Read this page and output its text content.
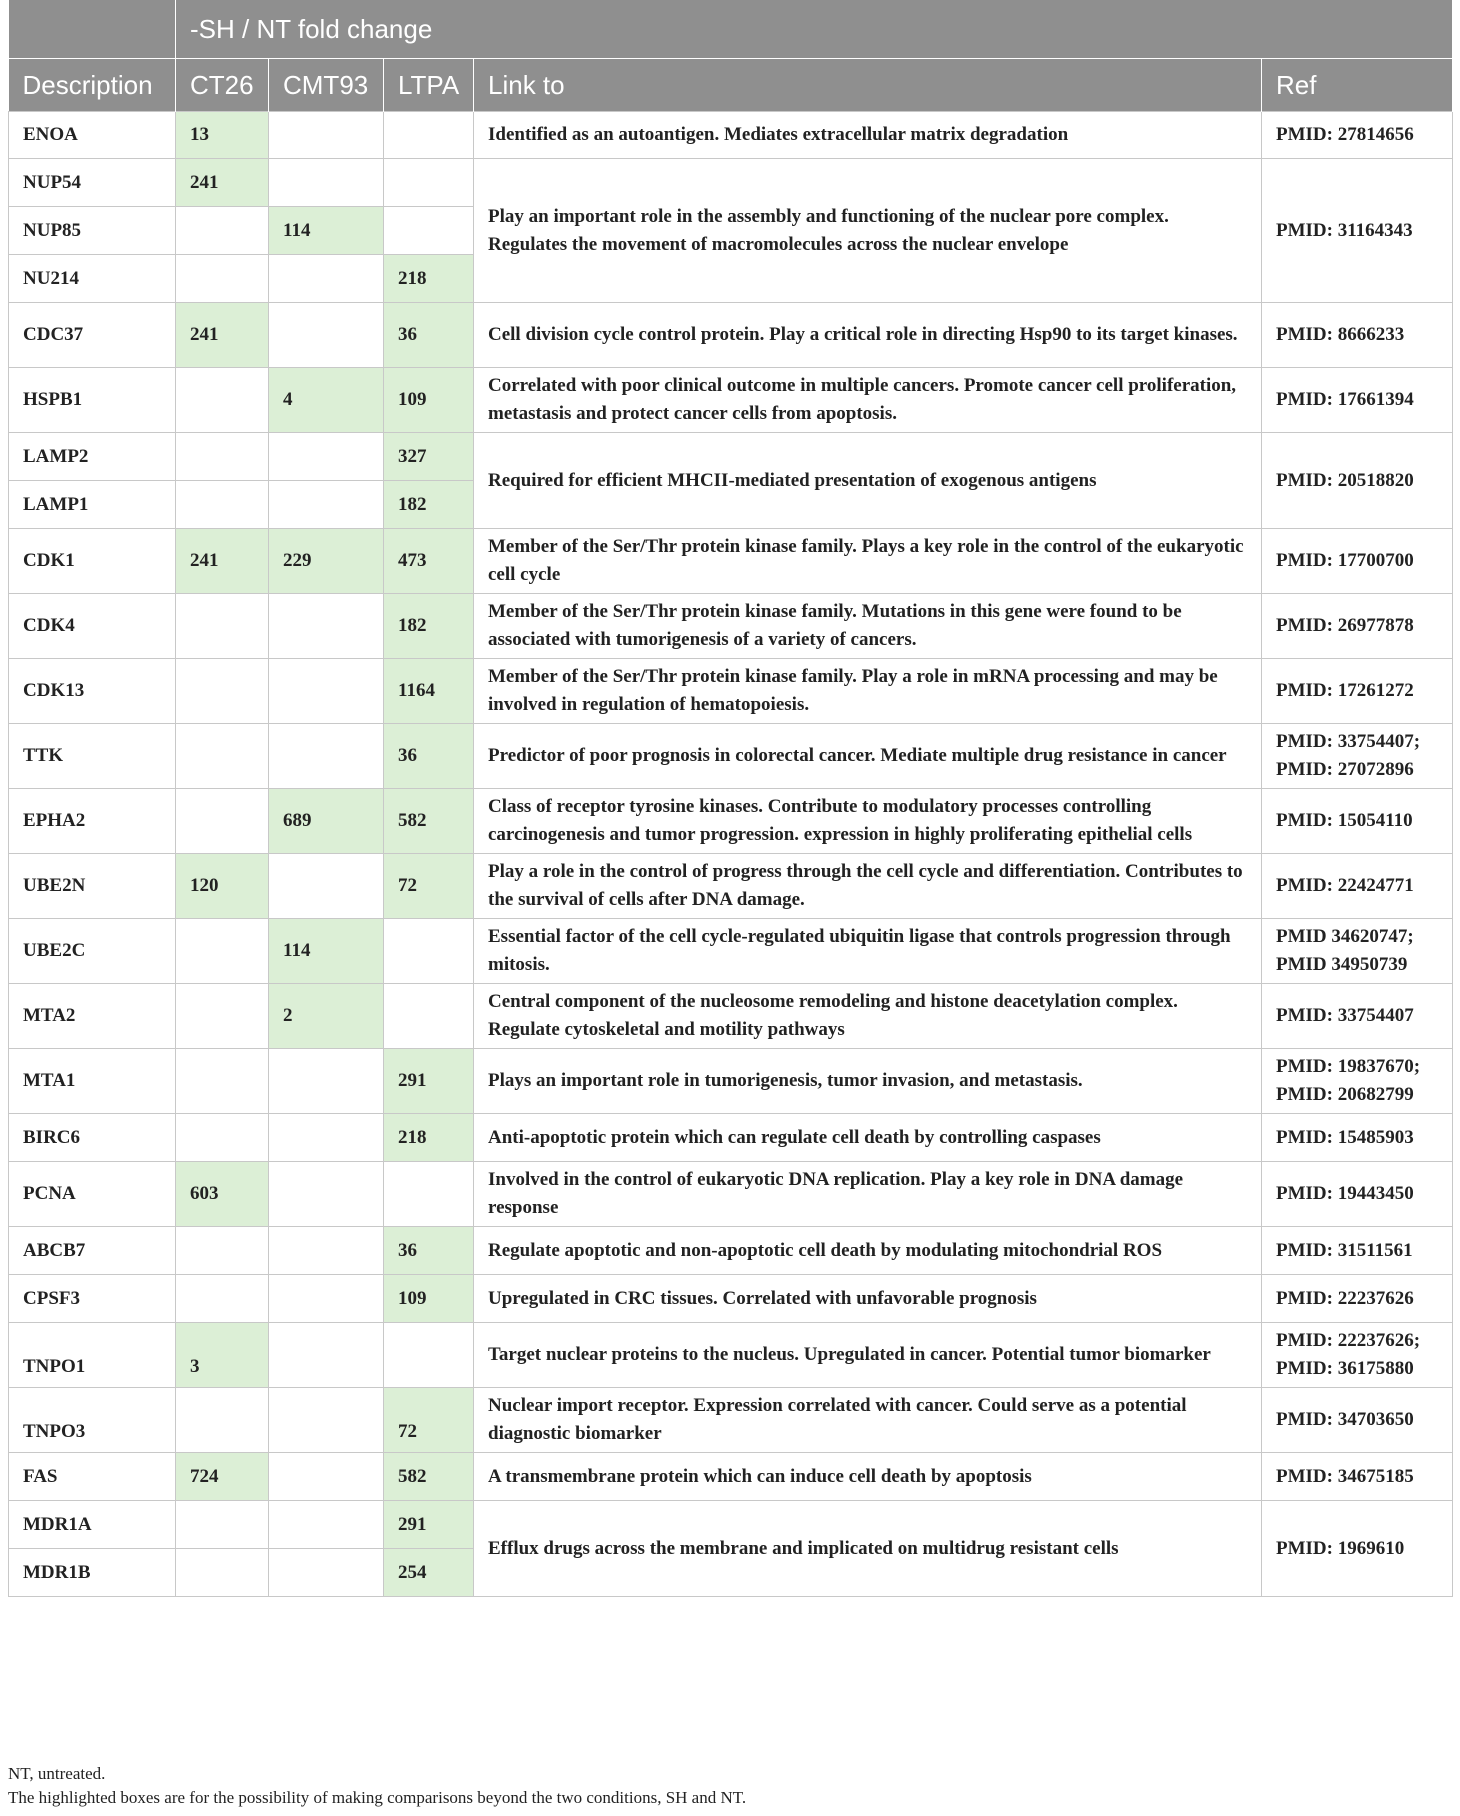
	-SH / NT fold change				
Description	CT26	CMT93	LTPA	Link to	Ref
ENOA	13			Identified as an autoantigen. Mediates extracellular matrix degradation	PMID: 27814656

NUP54	241			Play an important role in the assembly and functioning of the nuclear pore complex. Regulates the movement of macromolecules across the nuclear envelope	PMID: 31164343

NUP85		114			
NU214			218		
CDC37	241		36	Cell division cycle control protein. Play a critical role in directing Hsp90 to its target kinases.	PMID: 8666233

HSPB1		4	109	Correlated with poor clinical outcome in multiple cancers. Promote cancer cell proliferation, metastasis and protect cancer cells from apoptosis.	PMID: 17661394

LAMP2			327	Required for efficient MHCII-mediated presentation of exogenous antigens	PMID: 20518820

LAMP1			182		
CDK1	241	229	473	Member of the Ser/Thr protein kinase family. Plays a key role in the control of the eukaryotic cell cycle	PMID: 17700700

CDK4			182	Member of the Ser/Thr protein kinase family. Mutations in this gene were found to be associated with tumorigenesis of a variety of cancers.	PMID: 26977878

CDK13			1164	Member of the Ser/Thr protein kinase family. Play a role in mRNA processing and may be involved in regulation of hematopoiesis.	PMID: 17261272

TTK			36	Predictor of poor prognosis in colorectal cancer. Mediate multiple drug resistance in cancer	PMID: 33754407;
PMID: 27072896

EPHA2		689	582	Class of receptor tyrosine kinases. Contribute to modulatory processes controlling carcinogenesis and tumor progression. expression in highly proliferating epithelial cells	PMID: 15054110

UBE2N	120		72	Play a role in the control of progress through the cell cycle and differentiation. Contributes to the survival of cells after DNA damage.	PMID: 22424771

UBE2C		114		Essential factor of the cell cycle-regulated ubiquitin ligase that controls progression through mitosis.	PMID 34620747;
PMID 34950739

MTA2		2		Central component of the nucleosome remodeling and histone deacetylation complex. Regulate cytoskeletal and motility pathways	PMID: 33754407

MTA1			291	Plays an important role in tumorigenesis, tumor invasion, and metastasis.	PMID: 19837670;
PMID: 20682799

BIRC6			218	Anti-apoptotic protein which can regulate cell death by controlling caspases	PMID: 15485903

PCNA	603			Involved in the control of eukaryotic DNA replication. Play a key role in DNA damage response	PMID: 19443450

ABCB7			36	Regulate apoptotic and non-apoptotic cell death by modulating mitochondrial ROS	PMID: 31511561

CPSF3			109	Upregulated in CRC tissues. Correlated with unfavorable prognosis	PMID: 22237626

TNPO1	3			Target nuclear proteins to the nucleus. Upregulated in cancer. Potential tumor biomarker	PMID: 22237626;
PMID: 36175880

TNPO3			72	Nuclear import receptor. Expression correlated with cancer. Could serve as a potential diagnostic biomarker	PMID: 34703650

FAS	724		582	A transmembrane protein which can induce cell death by apoptosis	PMID: 34675185

MDR1A			291	Efflux drugs across the membrane and implicated on multidrug resistant cells	PMID: 1969610

MDR1B			254		
NT, untreated.
The highlighted boxes are for the possibility of making comparisons beyond the two conditions, SH and NT.
